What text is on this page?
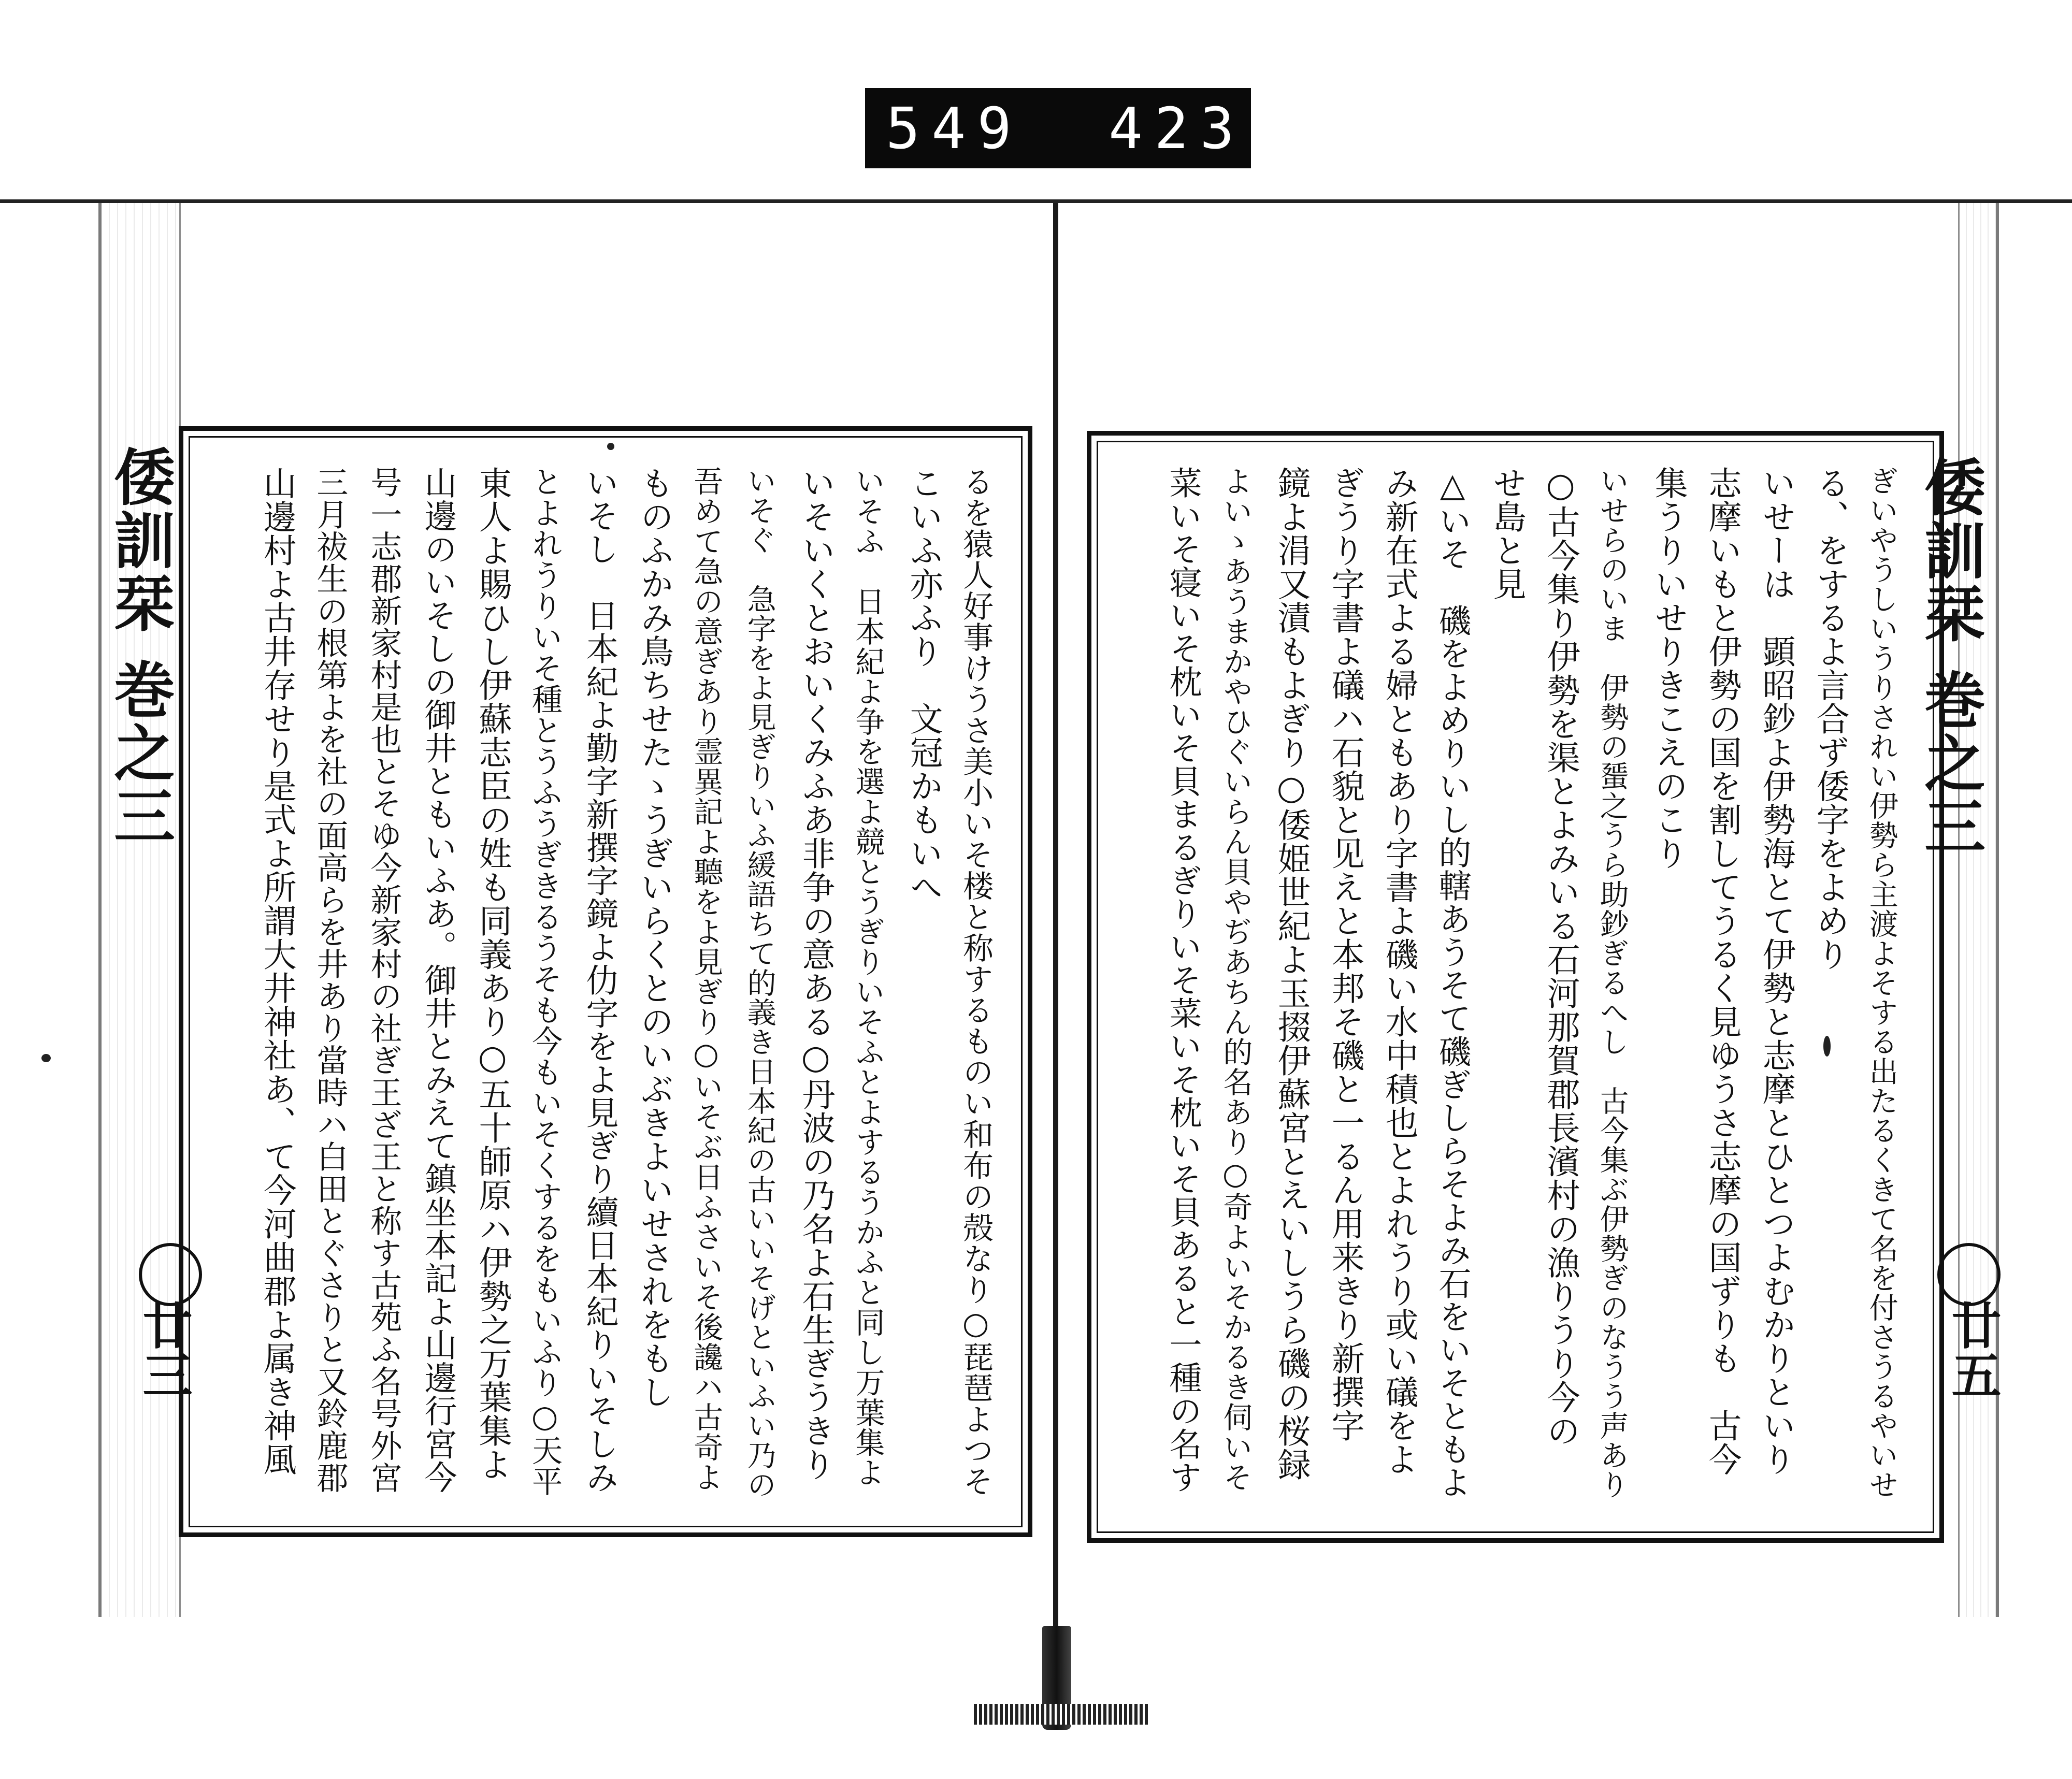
549 423.
倭訓栞 巻之三
廿三	るを猿人好事けうさ美小いそ楼と称するものい和布の殻なり○琵琶よつそ
こいふ亦ふり　文冠かもいへ
いそふ　日本紀よ争を選よ競とうぎりいそふとよするうかふと同し万葉集よ
いそいくとおいくみふあ非争の意ある○丹波の乃名よ石生ぎうきり
いそぐ　急字をよ見ぎりいふ緩語ちて的義き日本紀の古いいそげといふい乃の
吾めて急の意ぎあり霊異記よ聽をよ見ぎり○いそぶ日ふさいそ後讒ハ古奇よ
ものふかみ鳥ちせたゝうぎいらくとのいぶきよいせされをもし
いそし　日本紀よ勤字新撰字鏡よ仂字をよ見ぎり續日本紀りいそしみ
とよれうりいそ種とうふうぎきるうそも今もいそくするをもいふり○天平
東人よ賜ひし伊蘇志臣の姓も同義あり○五十師原ハ伊勢之万葉集よ
山邊のいそしの御井ともいふあ。御井とみえて鎮坐本記よ山邊行宮今
号一志郡新家村是也とそゆ今新家村の社ぎ王ざ王と称す古苑ふ名号外宮
三月祓生の根第よを社の面高らを井あり當時ハ白田とぐさりと又鈴鹿郡
山邊村よ古井存せり是式よ所謂大井神社あ、て今河曲郡よ属き神風	倭訓栞 巻之三
廿五
ぎいやうしいうりされい伊勢ら主渡よそする出たるくきて名を付さうるやいせ
る、をするよ言合ず倭字をよめり
いせーは　顕昭鈔よ伊勢海とて伊勢と志摩とひとつよむかりといり
志摩いもと伊勢の国を割してうるく見ゆうさ志摩の国ずりも　古今
集うりいせりきこえのこり
いせらのいま　伊勢の蜑之うら助鈔ぎるへし　古今集ぶ伊勢ぎのなうう声あり
○古今集り伊勢を渠とよみいる石河那賀郡長濱村の漁りうり今の
せ島と見
△いそ　磯をよめりいし的轄あうそて磯ぎしらそよみ石をいそともよ
み新在式よる婦ともあり字書よ磯い水中積也とよれうり或い礒をよ
ぎうり字書よ礒ハ石貌と见えと本邦そ磯と一るん用来きり新撰字
鏡よ涓又漬もよぎり○倭姫世紀よ玉掇伊蘇宮とえいしうら磯の桜録
よいゝあうまかやひぐいらん貝やぢあちん的名あり○奇よいそかるき伺いそ
菜いそ寝いそ枕いそ貝まるぎりいそ菜いそ枕いそ貝あると一種の名す
